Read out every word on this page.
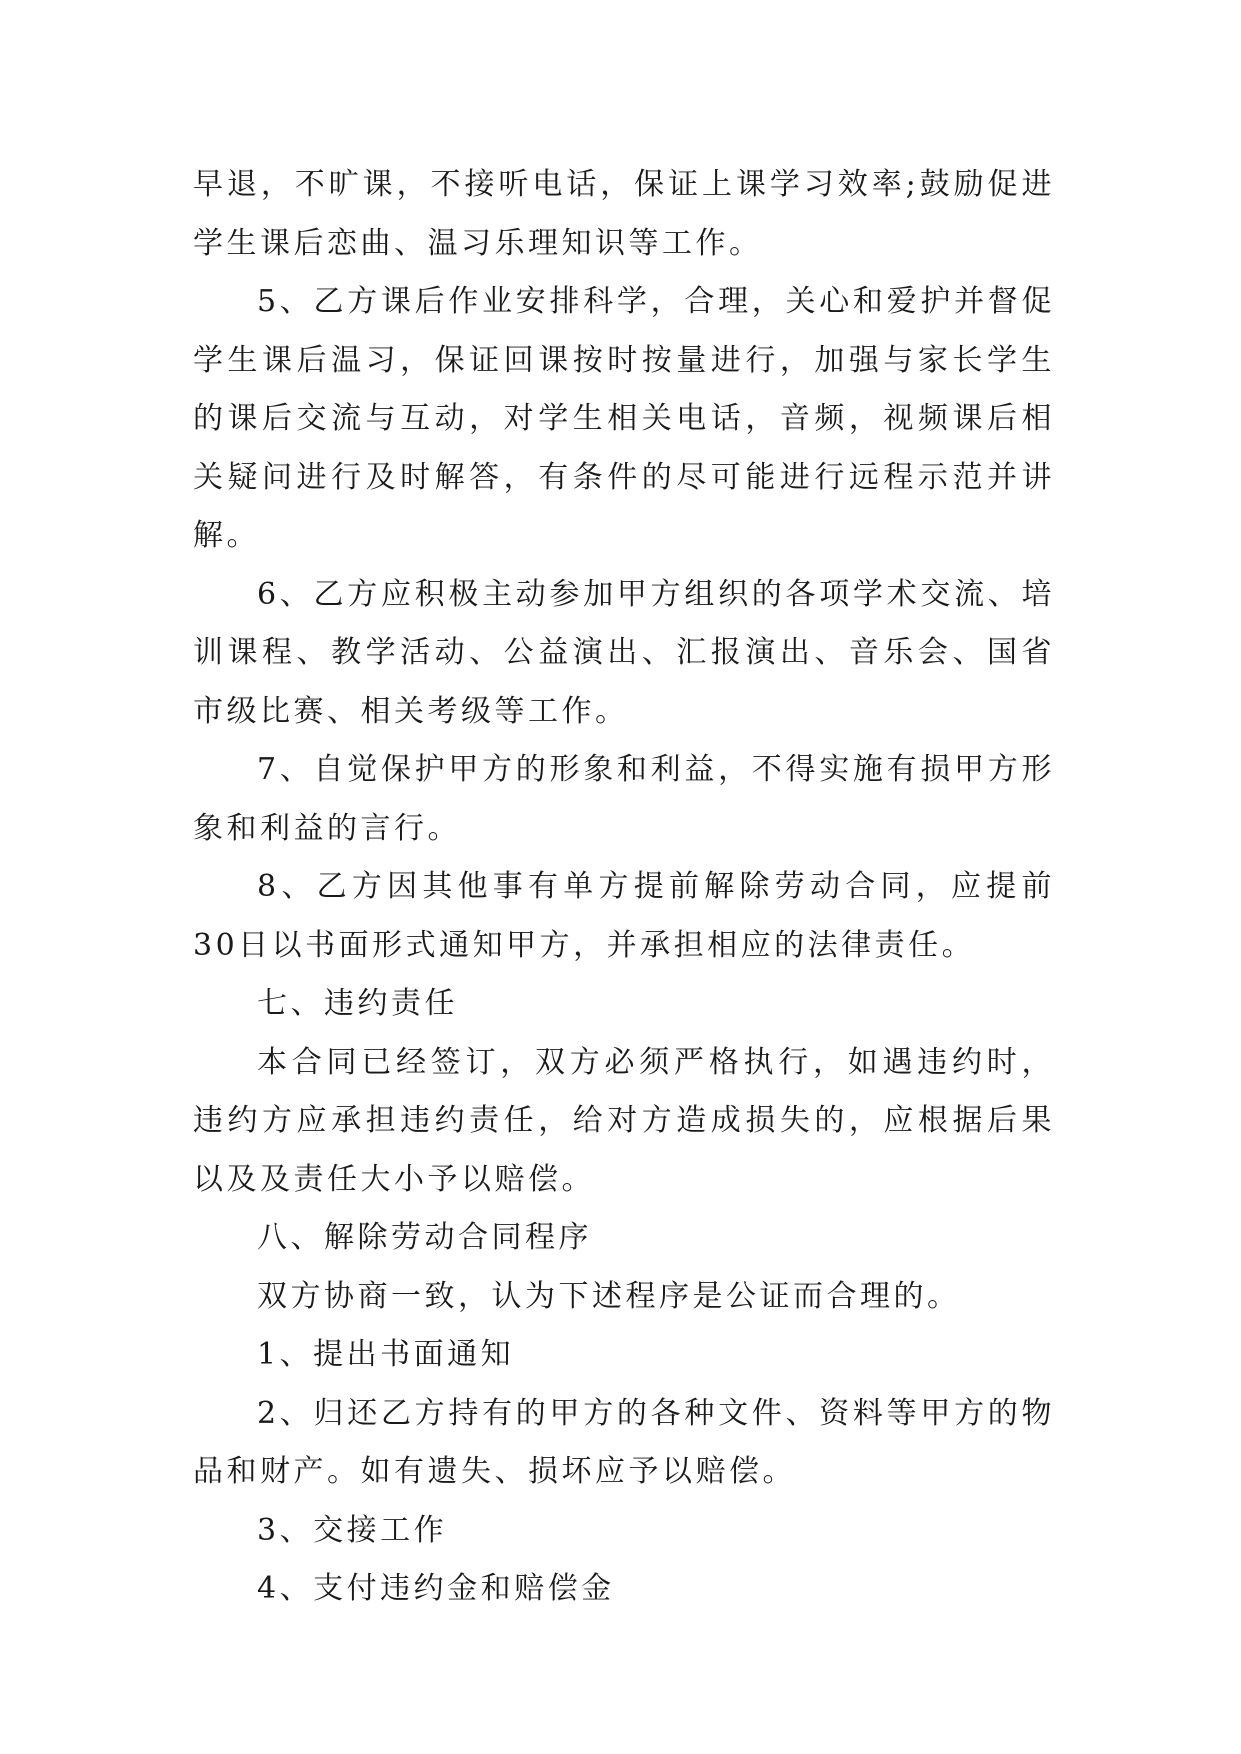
早退，不旷课，不接听电话，保证上课学习效率;鼓励促进学生课后恋曲、温习乐理知识等工作。

5、乙方课后作业安排科学，合理，关心和爱护并督促学生课后温习，保证回课按时按量进行，加强与家长学生的课后交流与互动，对学生相关电话，音频，视频课后相关疑问进行及时解答，有条件的尽可能进行远程示范并讲解。

6、乙方应积极主动参加甲方组织的各项学术交流、培训课程、教学活动、公益演出、汇报演出、音乐会、国省市级比赛、相关考级等工作。

7、自觉保护甲方的形象和利益，不得实施有损甲方形象和利益的言行。

8、乙方因其他事有单方提前解除劳动合同，应提前30日以书面形式通知甲方，并承担相应的法律责任。

七、违约责任

本合同已经签订，双方必须严格执行，如遇违约时，违约方应承担违约责任，给对方造成损失的，应根据后果以及及责任大小予以赔偿。

八、解除劳动合同程序

双方协商一致，认为下述程序是公证而合理的。

1、提出书面通知

2、归还乙方持有的甲方的各种文件、资料等甲方的物品和财产。如有遗失、损坏应予以赔偿。

3、交接工作

4、支付违约金和赔偿金
